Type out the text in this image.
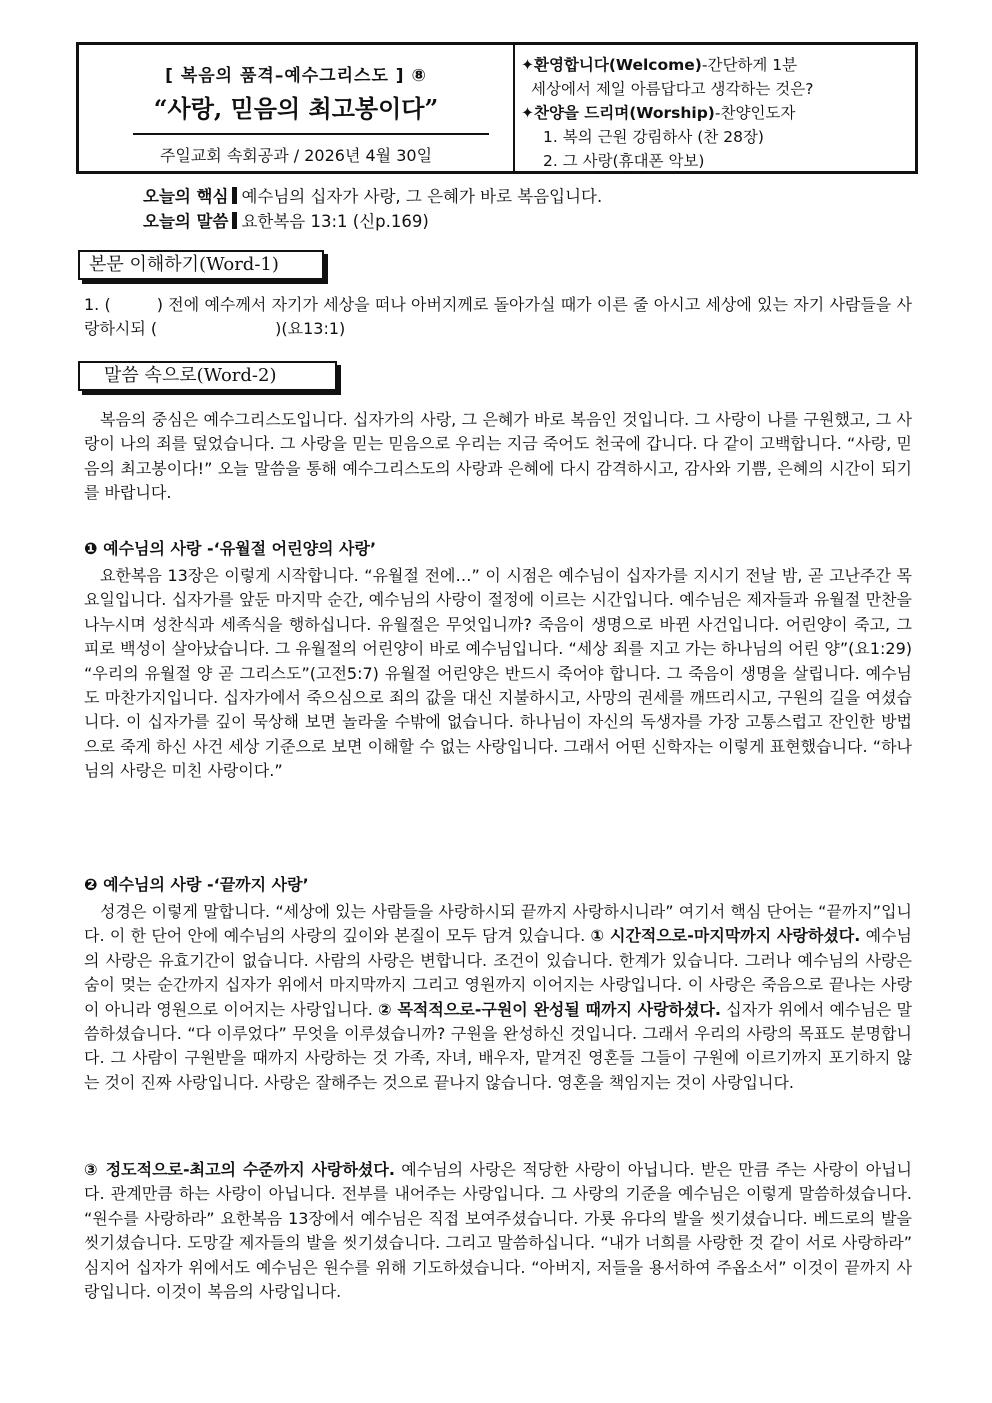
[ 복음의 품격–예수그리스도 ] ⑧
“사랑, 믿음의 최고봉이다”
주일교회 속회공과 / 2026년 4월 30일
✦환영합니다(Welcome)-간단하게 1분
세상에서 제일 아름답다고 생각하는 것은?
✦찬양을 드리며(Worship)-찬양인도자
1. 복의 근원 강림하사 (찬 28장)
2. 그 사랑(휴대폰 악보)
오늘의 핵심 예수님의 십자가 사랑, 그 은혜가 바로 복음입니다.
오늘의 말씀 요한복음 13:1 (신p.169)
본문 이해하기(Word-1)
1. (	) 전에 예수께서 자기가 세상을 떠나 아버지께로 돌아가실 때가 이른 줄 아시고 세상에 있는 자기 사람들을 사랑하시되 (	)(요13:1)
말씀 속으로(Word-2)
복음의 중심은 예수그리스도입니다. 십자가의 사랑, 그 은혜가 바로 복음인 것입니다. 그 사랑이 나를 구원했고, 그 사랑이 나의 죄를 덮었습니다. 그 사랑을 믿는 믿음으로 우리는 지금 죽어도 천국에 갑니다. 다 같이 고백합니다. “사랑, 믿음의 최고봉이다!” 오늘 말씀을 통해 예수그리스도의 사랑과 은혜에 다시 감격하시고, 감사와 기쁨, 은혜의 시간이 되기를 바랍니다.
❶ 예수님의 사랑 -‘유월절 어린양의 사랑’
요한복음 13장은 이렇게 시작합니다. “유월절 전에…” 이 시점은 예수님이 십자가를 지시기 전날 밤, 곧 고난주간 목요일입니다. 십자가를 앞둔 마지막 순간, 예수님의 사랑이 절정에 이르는 시간입니다. 예수님은 제자들과 유월절 만찬을 나누시며 성찬식과 세족식을 행하십니다. 유월절은 무엇입니까? 죽음이 생명으로 바뀐 사건입니다. 어린양이 죽고, 그 피로 백성이 살아났습니다. 그 유월절의 어린양이 바로 예수님입니다. “세상 죄를 지고 가는 하나님의 어린 양”(요1:29) “우리의 유월절 양 곧 그리스도”(고전5:7) 유월절 어린양은 반드시 죽어야 합니다. 그 죽음이 생명을 살립니다. 예수님도 마찬가지입니다. 십자가에서 죽으심으로 죄의 값을 대신 지불하시고, 사망의 권세를 깨뜨리시고, 구원의 길을 여셨습니다. 이 십자가를 깊이 묵상해 보면 놀라울 수밖에 없습니다. 하나님이 자신의 독생자를 가장 고통스럽고 잔인한 방법으로 죽게 하신 사건 세상 기준으로 보면 이해할 수 없는 사랑입니다. 그래서 어떤 신학자는 이렇게 표현했습니다. “하나님의 사랑은 미친 사랑이다.”
❷ 예수님의 사랑 -‘끝까지 사랑’
성경은 이렇게 말합니다. “세상에 있는 사람들을 사랑하시되 끝까지 사랑하시니라” 여기서 핵심 단어는 “끝까지”입니다. 이 한 단어 안에 예수님의 사랑의 깊이와 본질이 모두 담겨 있습니다. ① 시간적으로-마지막까지 사랑하셨다. 예수님의 사랑은 유효기간이 없습니다. 사람의 사랑은 변합니다. 조건이 있습니다. 한계가 있습니다. 그러나 예수님의 사랑은 숨이 멎는 순간까지 십자가 위에서 마지막까지 그리고 영원까지 이어지는 사랑입니다. 이 사랑은 죽음으로 끝나는 사랑이 아니라 영원으로 이어지는 사랑입니다. ② 목적적으로-구원이 완성될 때까지 사랑하셨다. 십자가 위에서 예수님은 말씀하셨습니다. “다 이루었다” 무엇을 이루셨습니까? 구원을 완성하신 것입니다. 그래서 우리의 사랑의 목표도 분명합니다. 그 사람이 구원받을 때까지 사랑하는 것 가족, 자녀, 배우자, 맡겨진 영혼들 그들이 구원에 이르기까지 포기하지 않는 것이 진짜 사랑입니다. 사랑은 잘해주는 것으로 끝나지 않습니다. 영혼을 책임지는 것이 사랑입니다.
③ 정도적으로-최고의 수준까지 사랑하셨다. 예수님의 사랑은 적당한 사랑이 아닙니다. 받은 만큼 주는 사랑이 아닙니다. 관계만큼 하는 사랑이 아닙니다. 전부를 내어주는 사랑입니다. 그 사랑의 기준을 예수님은 이렇게 말씀하셨습니다. “원수를 사랑하라” 요한복음 13장에서 예수님은 직접 보여주셨습니다. 가룟 유다의 발을 씻기셨습니다. 베드로의 발을 씻기셨습니다. 도망갈 제자들의 발을 씻기셨습니다. 그리고 말씀하십니다. “내가 너희를 사랑한 것 같이 서로 사랑하라” 심지어 십자가 위에서도 예수님은 원수를 위해 기도하셨습니다. “아버지, 저들을 용서하여 주옵소서” 이것이 끝까지 사랑입니다. 이것이 복음의 사랑입니다.
